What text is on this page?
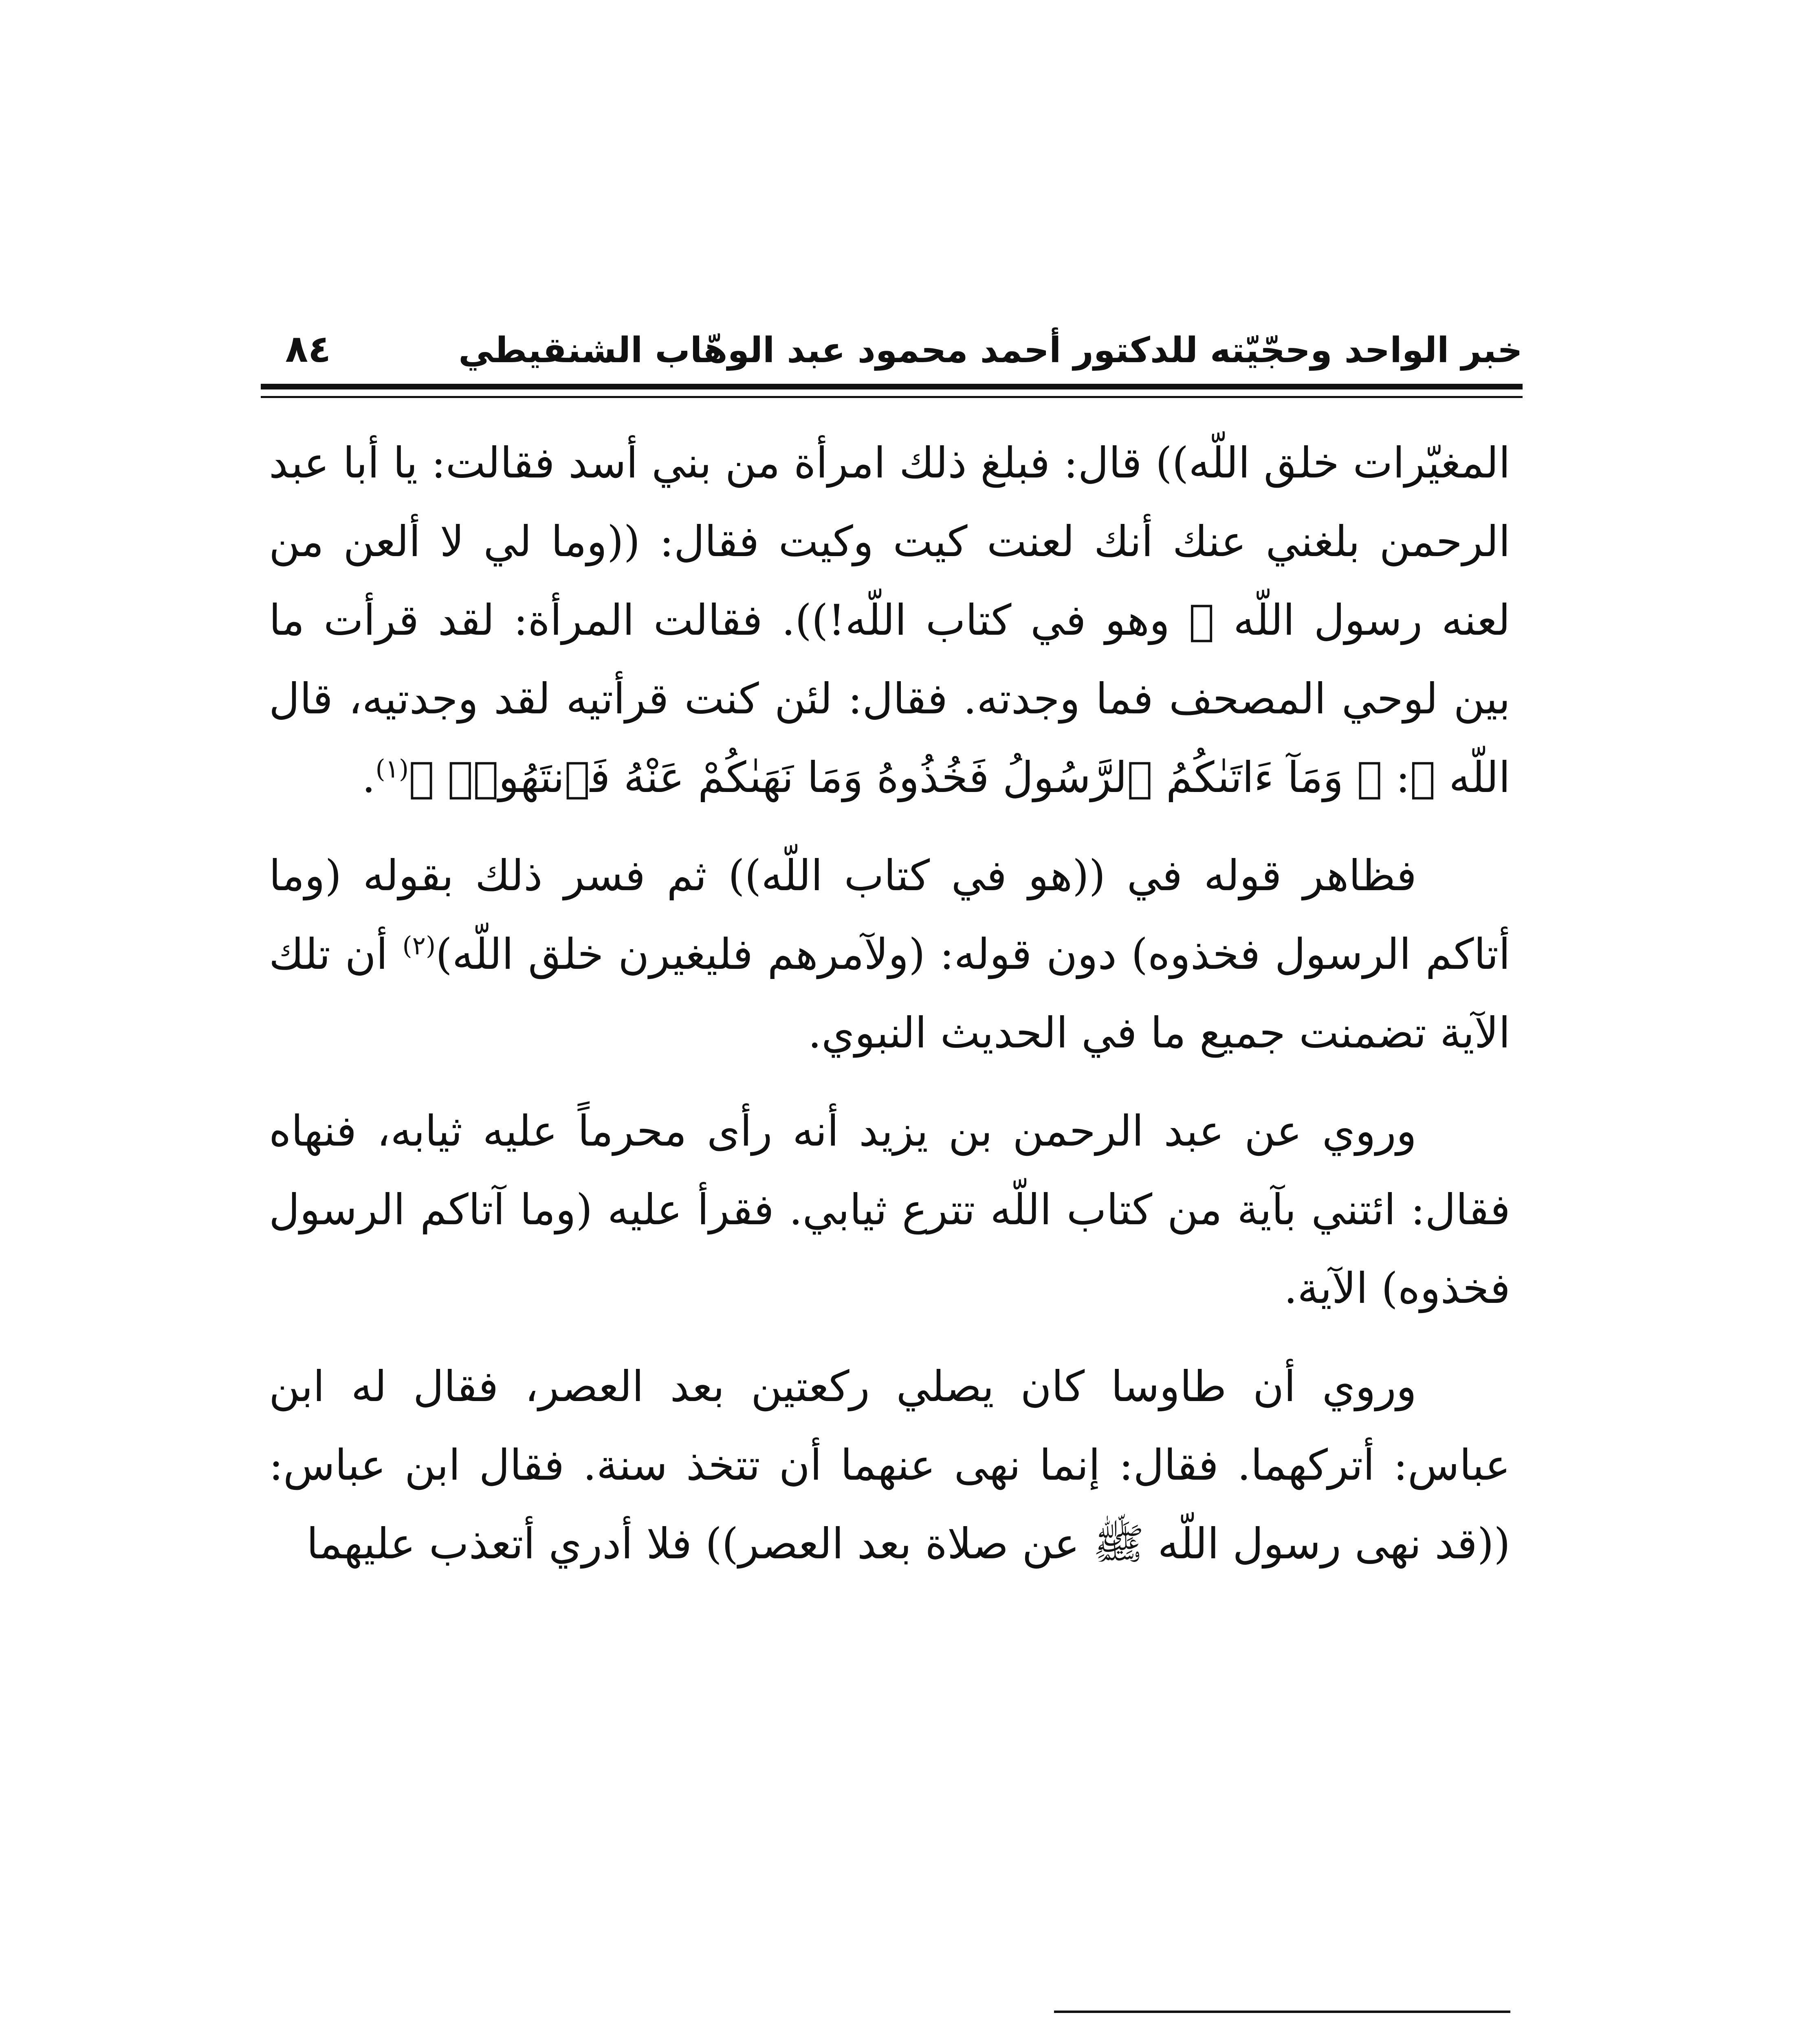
خبر الواحد وحجّيّته للدكتور أحمد محمود عبد الوهّاب الشنقيطي
٨٤

المغيّرات خلق اللّه)) قال: فبلغ ذلك امرأة من بني أسد فقالت: يا أبا عبد الرحمن بلغني عنك أنك لعنت كيت وكيت فقال: ((وما لي لا ألعن من لعنه رسول اللّه ﷺ وهو في كتاب اللّه!)). فقالت المرأة: لقد قرأت ما بين لوحي المصحف فما وجدته. فقال: لئن كنت قرأتيه لقد وجدتيه، قال اللّه ﷻ: ﴿ وَمَآ ءَاتَىٰكُمُ ٱلرَّسُولُ فَخُذُوهُ وَمَا نَهَىٰكُمْ عَنْهُ فَٱنتَهُوا۟ ﴾$^{(١)}$.

فظاهر قوله في ((هو في كتاب اللّه)) ثم فسر ذلك بقوله (وما أتاكم الرسول فخذوه) دون قوله: (ولآمرهم فليغيرن خلق اللّه)$^{(٢)}$ أن تلك الآية تضمنت جميع ما في الحديث النبوي.

وروي عن عبد الرحمن بن يزيد أنه رأى محرماً عليه ثيابه، فنهاه فقال: ائتني بآية من كتاب اللّه تترع ثيابي. فقرأ عليه (وما آتاكم الرسول فخذوه) الآية.

وروي أن طاوسا كان يصلي ركعتين بعد العصر، فقال له ابن عباس: أتركهما. فقال: إنما نهى عنهما أن تتخذ سنة. فقال ابن عباس: ((قد نهى رسول اللّه ﷺ عن صلاة بعد العصر)) فلا أدري أتعذب عليهما
